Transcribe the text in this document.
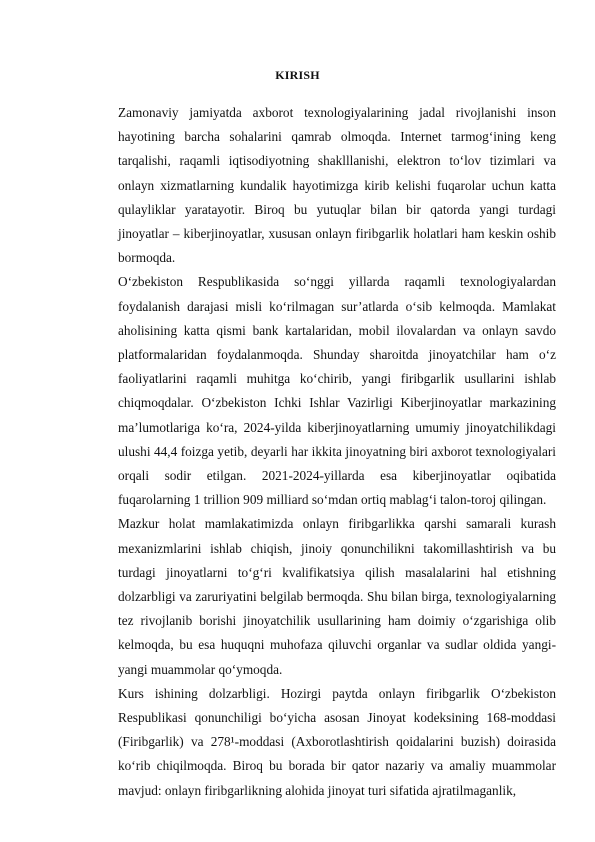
KIRISH

Zamonaviy jamiyatda axborot texnologiyalarining jadal rivojlanishi inson hayotining barcha sohalarini qamrab olmoqda. Internet tarmog‘ining keng tarqalishi, raqamli iqtisodiyotning shaklllanishi, elektron to‘lov tizimlari va onlayn xizmatlarning kundalik hayotimizga kirib kelishi fuqarolar uchun katta qulayliklar yaratayotir. Biroq bu yutuqlar bilan bir qatorda yangi turdagi jinoyatlar – kiberjinoyatlar, xususan onlayn firibgarlik holatlari ham keskin oshib bormoqda.

O‘zbekiston Respublikasida so‘nggi yillarda raqamli texnologiyalardan foydalanish darajasi misli ko‘rilmagan sur’atlarda o‘sib kelmoqda. Mamlakat aholisining katta qismi bank kartalaridan, mobil ilovalardan va onlayn savdo platformalaridan foydalanmoqda. Shunday sharoitda jinoyatchilar ham o‘z faoliyatlarini raqamli muhitga ko‘chirib, yangi firibgarlik usullarini ishlab chiqmoqdalar. O‘zbekiston Ichki Ishlar Vazirligi Kiberjinoyatlar markazining ma’lumotlariga ko‘ra, 2024-yilda kiberjinoyatlarning umumiy jinoyatchilikdagi ulushi 44,4 foizga yetib, deyarli har ikkita jinoyatning biri axborot texnologiyalari orqali sodir etilgan. 2021-2024-yillarda esa kiberjinoyatlar oqibatida fuqarolarning 1 trillion 909 milliard so‘mdan ortiq mablag‘i talon-toroj qilingan.

Mazkur holat mamlakatimizda onlayn firibgarlikka qarshi samarali kurash mexanizmlarini ishlab chiqish, jinoiy qonunchilikni takomillashtirish va bu turdagi jinoyatlarni to‘g‘ri kvalifikatsiya qilish masalalarini hal etishning dolzarbligi va zaruriyatini belgilab bermoqda. Shu bilan birga, texnologiyalarning tez rivojlanib borishi jinoyatchilik usullarining ham doimiy o‘zgarishiga olib kelmoqda, bu esa huquqni muhofaza qiluvchi organlar va sudlar oldida yangi-yangi muammolar qo‘ymoqda.

Kurs ishining dolzarbligi. Hozirgi paytda onlayn firibgarlik O‘zbekiston Respublikasi qonunchiligi bo‘yicha asosan Jinoyat kodeksining 168-moddasi (Firibgarlik) va 278¹-moddasi (Axborotlashtirish qoidalarini buzish) doirasida ko‘rib chiqilmoqda. Biroq bu borada bir qator nazariy va amaliy muammolar mavjud: onlayn firibgarlikning alohida jinoyat turi sifatida ajratilmaganlik,
